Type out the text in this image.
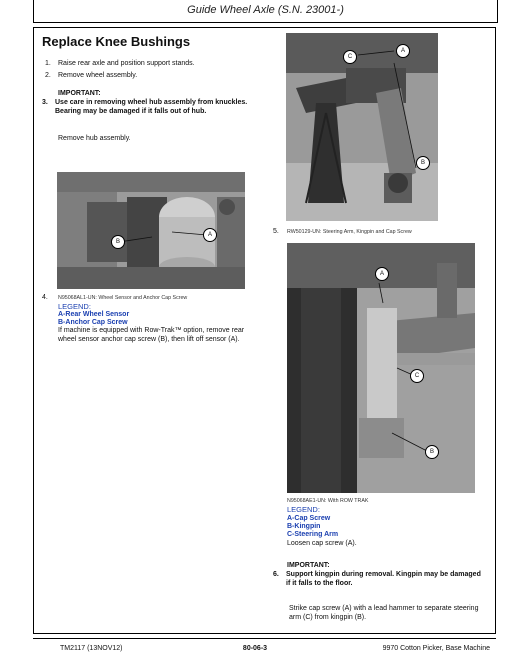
Guide Wheel Axle (S.N. 23001-)
Replace Knee Bushings
1. Raise rear axle and position support stands.
2. Remove wheel assembly.
IMPORTANT:
3. Use care in removing wheel hub assembly from knuckles.
Bearing may be damaged if it falls out of hub.
Remove hub assembly.
A
B
4. N95068AL1-UN: Wheel Sensor and Anchor Cap Screw
LEGEND:
A-Rear Wheel Sensor
B-Anchor Cap Screw
If machine is equipped with Row-Trak™ option, remove rear
wheel sensor anchor cap screw (B), then lift off sensor (A).
A
C
B
5. RW50129-UN: Steering Arm, Kingpin and Cap Screw
A
C
B
N95068AE1-UN: With ROW TRAK
LEGEND:
A-Cap Screw
B-Kingpin
C-Steering Arm
Loosen cap screw (A).
IMPORTANT:
6. Support kingpin during removal. Kingpin may be damaged
if it falls to the floor.
Strike cap screw (A) with a lead hammer to separate steering
arm (C) from kingpin (B).
TM2117 (13NOV12)	80-06-3	9970 Cotton Picker, Base Machine
